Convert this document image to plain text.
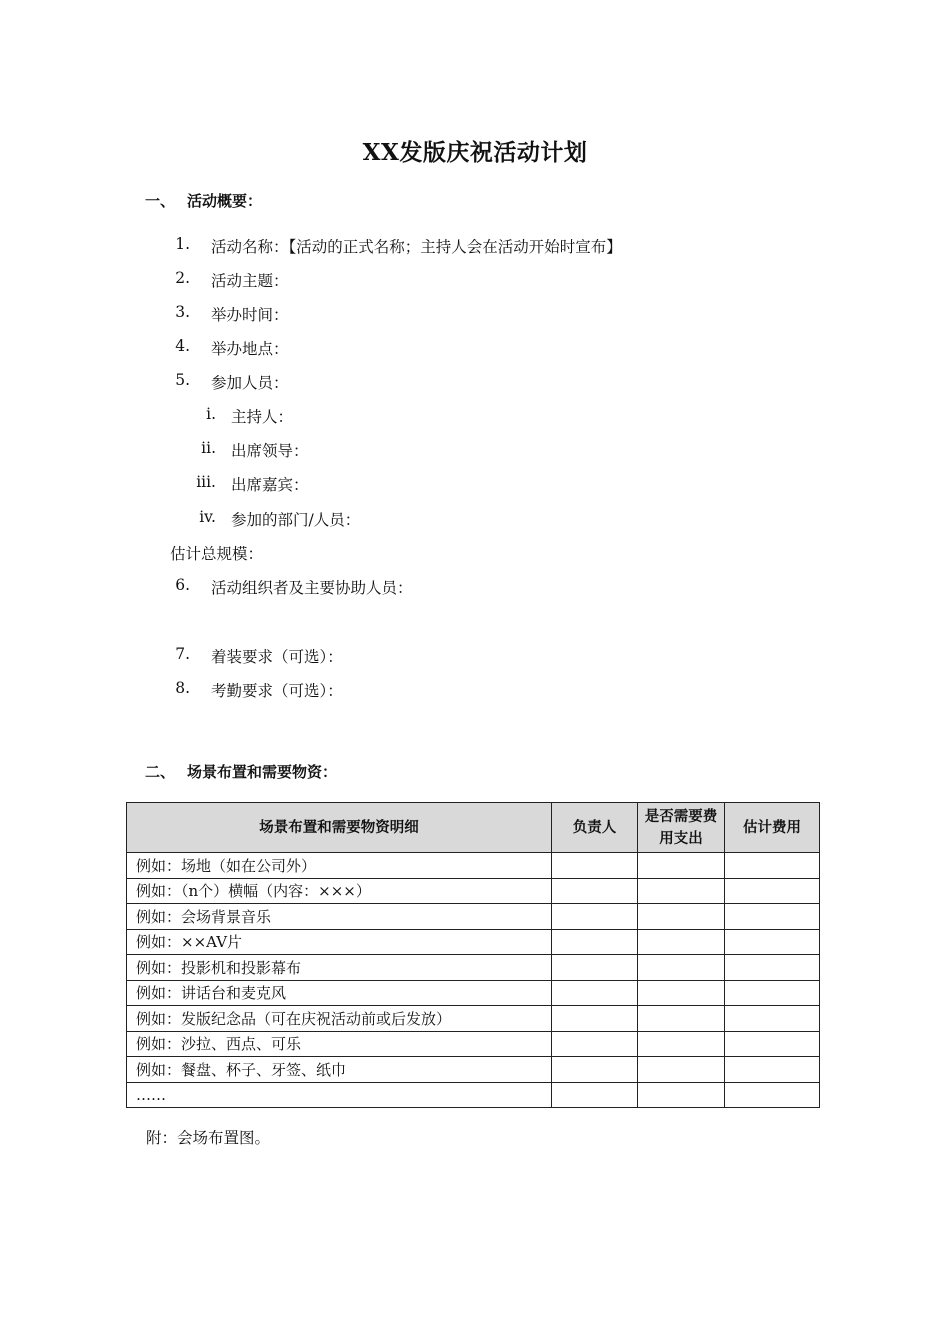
XX发版庆祝活动计划
一、 活动概要：
1. 活动名称：【活动的正式名称；主持人会在活动开始时宣布】
2. 活动主题：
3. 举办时间：
4. 举办地点：
5. 参加人员：
i. 主持人：
ii. 出席领导：
iii. 出席嘉宾：
iv. 参加的部门/人员：
估计总规模：
6. 活动组织者及主要协助人员：
7. 着装要求（可选）：
8. 考勤要求（可选）：
二、 场景布置和需要物资：
场景布置和需要物资明细	负责人	是否需要费用支出	估计费用
例如：场地（如在公司外）			
例如：（n个）横幅（内容：×××）			
例如：会场背景音乐			
例如：××AV片			
例如：投影机和投影幕布			
例如：讲话台和麦克风			
例如：发版纪念品（可在庆祝活动前或后发放）			
例如：沙拉、西点、可乐			
例如：餐盘、杯子、牙签、纸巾			
……			
附：会场布置图。
